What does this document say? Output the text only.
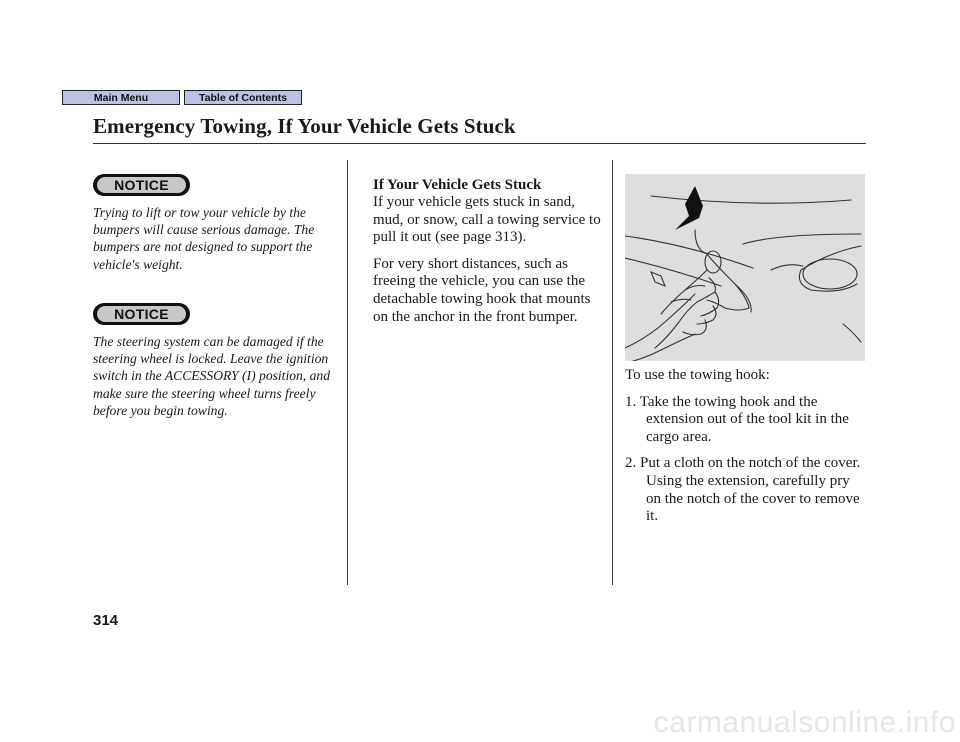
Main Menu	Table of Contents
Emergency Towing, If Your Vehicle Gets Stuck
NOTICE

Trying to lift or tow your vehicle by the bumpers will cause serious damage. The bumpers are not designed to support the vehicle's weight.

NOTICE

The steering system can be damaged if the steering wheel is locked. Leave the ignition switch in the ACCESSORY (I) position, and make sure the steering wheel turns freely before you begin towing.

If Your Vehicle Gets Stuck

If your vehicle gets stuck in sand, mud, or snow, call a towing service to pull it out (see page 313).

For very short distances, such as freeing the vehicle, you can use the detachable towing hook that mounts on the anchor in the front bumper.

To use the towing hook:

1. Take the towing hook and the extension out of the tool kit in the cargo area.
2. Put a cloth on the notch of the cover. Using the extension, carefully pry on the notch of the cover to remove it.
314
carmanualsonline.info
